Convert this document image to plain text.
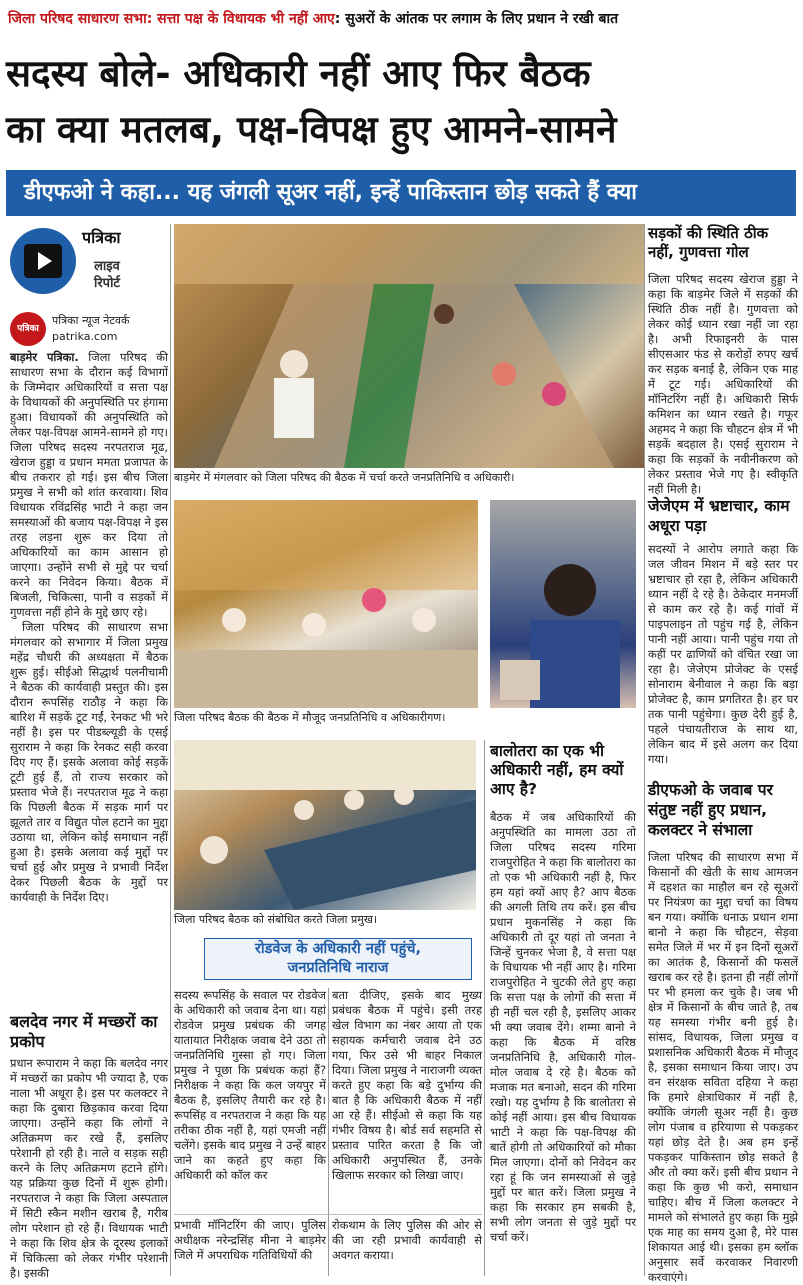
जिला परिषद साधारण सभा: सत्ता पक्ष के विधायक भी नहीं आए: सुअरों के आंतक पर लगाम के लिए प्रधान ने रखी बात
सदस्य बोले- अधिकारी नहीं आए फिर बैठक
का क्या मतलब, पक्ष-विपक्ष हुए आमने-सामने
डीएफओ ने कहा... यह जंगली सूअर नहीं, इन्हें पाकिस्तान छोड़ सकते हैं क्या
पत्रिका
लाइव
रिपोर्ट
पत्रिका
पत्रिका न्यूज नेटवर्क
patrika.com

बाड़मेर पत्रिका. जिला परिषद की साधारण सभा के दौरान कई विभागों के जिम्मेदार अधिकारियों व सत्ता पक्ष के विधायकों की अनुपस्थिति पर हंगामा हुआ। विधायकों की अनुपस्थिति को लेकर पक्ष-विपक्ष आमने-सामने हो गए। जिला परिषद सदस्य नरपतराज मूढ, खेराज हुड्डा व प्रधान ममता प्रजापत के बीच तकरार हो गई। इस बीच जिला प्रमुख ने सभी को शांत करवाया। शिव विधायक रविंद्रसिंह भाटी ने कहा जन समस्याओं की बजाय पक्ष-विपक्ष ने इस तरह लड़ना शुरू कर दिया तो अधिकारियों का काम आसान हो जाएगा। उन्होंने सभी से मुद्दे पर चर्चा करने का निवेदन किया। बैठक में बिजली, चिकित्सा, पानी व सड़कों में गुणवत्ता नहीं होने के मुद्दे छाए रहे।

जिला परिषद की साधारण सभा मंगलवार को सभागार में जिला प्रमुख महेंद्र चौधरी की अध्यक्षता में बैठक शुरू हुई। सीईओ सिद्धार्थ पलनीचामी ने बैठक की कार्यवाही प्रस्तुत की। इस दौरान रूपसिंह राठौड़ ने कहा कि बारिश में सड़कें टूट गईं, रेनकट भी भरे नहीं है। इस पर पीडब्ल्यूडी के एसई सुराराम ने कहा कि रेनकट सही करवा दिए गए हैं। इसके अलावा कोई सड़कें टूटी हुई हैं, तो राज्य सरकार को प्रस्ताव भेजे हैं। नरपतराज मूढ ने कहा कि पिछली बैठक में सड़क मार्ग पर झूलते तार व विद्युत पोल हटाने का मुद्दा उठाया था, लेकिन कोई समाधान नहीं हुआ है। इसके अलावा कई मुद्दों पर चर्चा हुई और प्रमुख ने प्रभावी निर्देश देकर पिछली बैठक के मुद्दों पर कार्यवाही के निर्देश दिए।

बलदेव नगर में मच्छरों का प्रकोप
प्रधान रूपाराम ने कहा कि बलदेव नगर में मच्छरों का प्रकोप भी ज्यादा है, एक नाला भी अधूरा है। इस पर कलक्टर ने कहा कि दुबारा छिड़काव करवा दिया जाएगा। उन्होंने कहा कि लोगों ने अतिक्रमण कर रखे हैं, इसलिए परेशानी हो रही है। नाले व सड़क सही करने के लिए अतिक्रमण हटाने होंगे। यह प्रक्रिया कुछ दिनों में शुरू होगी। नरपतराज ने कहा कि जिला अस्पताल में सिटी स्कैन मशीन खराब है, गरीब लोग परेशान हो रहे हैं। विधायक भाटी ने कहा कि शिव क्षेत्र के दूरस्थ इलाकों में चिकित्सा को लेकर गंभीर परेशानी है। इसकी
बाड़मेर में मंगलवार को जिला परिषद की बैठक में चर्चा करते जनप्रतिनिधि व अधिकारी।
जिला परिषद बैठक की बैठक में मौजूद जनप्रतिनिधि व अधिकारीगण।
जिला परिषद बैठक को संबोधित करते जिला प्रमुख।
बालोतरा का एक भी अधिकारी नहीं, हम क्यों आए है?
बैठक में जब अधिकारियों की अनुपस्थिति का मामला उठा तो जिला परिषद सदस्य गरिमा राजपुरोहित ने कहा कि बालोतरा का तो एक भी अधिकारी नहीं है, फिर हम यहां क्यों आए है? आप बैठक की अगली तिथि तय करें। इस बीच प्रधान मुकनसिंह ने कहा कि अधिकारी तो दूर यहां तो जनता ने जिन्हें चुनकर भेजा है, वे सत्ता पक्ष के विधायक भी नहीं आए है। गरिमा राजपुरोहित ने चुटकी लेते हुए कहा कि सत्ता पक्ष के लोगों की सत्ता में ही नहीं चल रही है, इसलिए आकर भी क्या जवाब देंगे। शम्मा बानो ने कहा कि बैठक में वरिष्ठ जनप्रतिनिधि है, अधिकारी गोल-मोल जवाब दे रहे है। बैठक को मजाक मत बनाओ, सदन की गरिमा रखो। यह दुर्भाग्य है कि बालोतरा से कोई नहीं आया। इस बीच विधायक भाटी ने कहा कि पक्ष-विपक्ष की बातें होगी तो अधिकारियों को मौका मिल जाएगा। दोनों को निवेदन कर रहा हूं कि जन समस्याओं से जुड़े मुद्दों पर बात करें। जिला प्रमुख ने कहा कि सरकार हम सबकी है, सभी लोग जनता से जुड़े मुद्दों पर चर्चा करें।
रोडवेज के अधिकारी नहीं पहुंचे,
जनप्रतिनिधि नाराज
सदस्य रूपसिंह के सवाल पर रोडवेज के अधिकारी को जवाब देना था। यहां रोडवेज प्रमुख प्रबंधक की जगह यातायात निरीक्षक जवाब देने उठा तो जनप्रतिनिधि गुस्सा हो गए। जिला प्रमुख ने पूछा कि प्रबंधक कहां हैं? निरीक्षक ने कहा कि कल जयपुर में बैठक है, इसलिए तैयारी कर रहे है। रूपसिंह व नरपतराज ने कहा कि यह तरीका ठीक नहीं है, यहां एमजी नहीं चलेंगे। इसके बाद प्रमुख ने उन्हें बाहर जाने का कहते हुए कहा कि अधिकारी को कॉल कर
बता दीजिए, इसके बाद मुख्य प्रबंधक बैठक में पहुंचे। इसी तरह खेल विभाग का नंबर आया तो एक सहायक कर्मचारी जवाब देने उठ गया, फिर उसे भी बाहर निकाल दिया। जिला प्रमुख ने नाराजगी व्यक्त करते हुए कहा कि बड़े दुर्भाग्य की बात है कि अधिकारी बैठक में नहीं आ रहे हैं। सीईओ से कहा कि यह गंभीर विषय है। बोर्ड सर्व सहमति से प्रस्ताव पारित करता है कि जो अधिकारी अनुपस्थित हैं, उनके खिलाफ सरकार को लिखा जाए।
प्रभावी मॉनिटरिंग की जाए। पुलिस अधीक्षक नरेन्द्रसिंह मीना ने बाड़मेर जिले में अपराधिक गतिविधियों की
रोकथाम के लिए पुलिस की ओर से की जा रही प्रभावी कार्यवाही से अवगत कराया।
सड़कों की स्थिति ठीक नहीं, गुणवत्ता गोल
जिला परिषद सदस्य खेराज हुड्डा ने कहा कि बाड़मेर जिले में सड़कों की स्थिति ठीक नहीं है। गुणवत्ता को लेकर कोई ध्यान रखा नहीं जा रहा है। अभी रिफाइनरी के पास सीएसआर फंड से करोड़ों रुपए खर्च कर सड़क बनाई है, लेकिन एक माह में टूट गई। अधिकारियों की मॉनिटरिंग नहीं है। अधिकारी सिर्फ कमिशन का ध्यान रखते है। गफूर अहमद ने कहा कि चौहटन क्षेत्र में भी सड़कें बदहाल है। एसई सुराराम ने कहा कि सड़कों के नवीनीकरण को लेकर प्रस्ताव भेजे गए है। स्वीकृति नहीं मिली है।
जेजेएम में भ्रष्टाचार, काम अधूरा पड़ा
सदस्यों ने आरोप लगाते कहा कि जल जीवन मिशन में बड़े स्तर पर भ्रष्टाचार हो रहा है, लेकिन अधिकारी ध्यान नहीं दे रहे है। ठेकेदार मनमर्जी से काम कर रहे है। कई गांवों में पाइपलाइन तो पहुंच गई है, लेकिन पानी नहीं आया। पानी पहुंच गया तो कहीं पर ढाणियों को वंचित रखा जा रहा है। जेजेएम प्रोजेक्ट के एसई सोनाराम बेनीवाल ने कहा कि बड़ा प्रोजेक्ट है, काम प्रगतिरत है। हर घर तक पानी पहुंचेगा। कुछ देरी हुई है, पहले पंचायतीराज के साथ था, लेकिन बाद में इसे अलग कर दिया गया।
डीएफओ के जवाब पर संतुष्ट नहीं हुए प्रधान, कलक्टर ने संभाला
जिला परिषद की साधारण सभा में किसानों की खेती के साथ आमजन में दहशत का माहौल बन रहे सूअरों पर नियंत्रण का मुद्दा चर्चा का विषय बन गया। क्योंकि धनाऊ प्रधान शमा बानो ने कहा कि चौहटन, सेड़वा समेत जिले में भर में इन दिनों सूअरों का आतंक है, किसानों की फसलें खराब कर रहे है। इतना ही नहीं लोगों पर भी हमला कर चुके है। जब भी क्षेत्र में किसानों के बीच जाते है, तब यह समस्या गंभीर बनी हुई है। सांसद, विधायक, जिला प्रमुख व प्रशासनिक अधिकारी बैठक में मौजूद है, इसका समाधान किया जाए। उप वन संरक्षक सविता दहिया ने कहा कि हमारे क्षेत्राधिकार में नहीं है, क्योंकि जंगली सूअर नहीं है। कुछ लोग पंजाब व हरियाणा से पकड़कर यहां छोड़ देते है। अब हम इन्हें पकड़कर पाकिस्तान छोड़ सकते है और तो क्या करें। इसी बीच प्रधान ने कहा कि कुछ भी करो, समाधान चाहिए। बीच में जिला कलक्टर ने मामले को संभालते हुए कहा कि मुझे एक माह का समय दुआ है, मेरे पास शिकायत आई थी। इसका हम ब्लॉक अनुसार सर्वे करवाकर निवारणी करवाएंगे।
